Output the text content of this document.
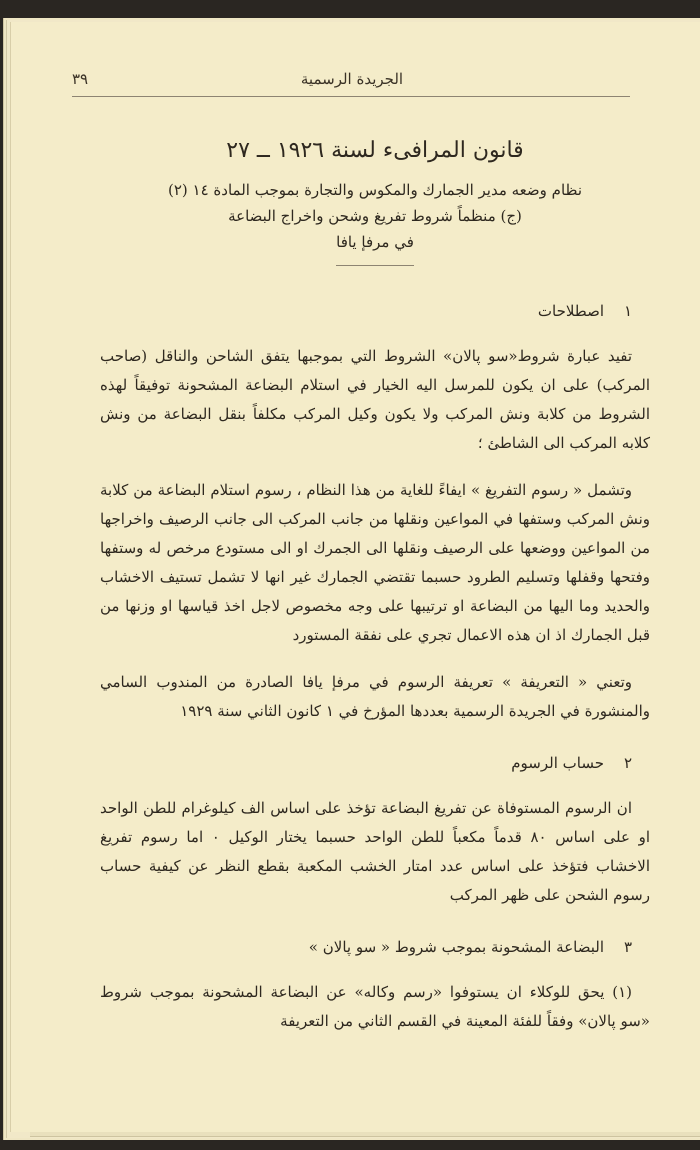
الجريدة الرسمية
٣٩
قانون المرافىء لسنة ١٩٢٦ ــ ٢٧
نظام وضعه مدير الجمارك والمكوس والتجارة بموجب المادة ١٤ (٢)
(ج) منظماً شروط تفريغ وشحن واخراج البضاعة
في مرفإ يافا
١اصطلاحات
تفيد عبارة شروط«سو پالان» الشروط التي بموجبها يتفق الشاحن والناقل (صاحب المركب) على ان يكون للمرسل اليه الخيار في استلام البضاعة المشحونة توفيقاً لهذه الشروط من كلابة ونش المركب ولا يكون وكيل المركب مكلفاً بنقل البضاعة من ونش كلابه المركب الى الشاطئ ؛
وتشمل « رسوم التفريغ » ايفاءً للغاية من هذا النظام ، رسوم استلام البضاعة من كلابة ونش المركب وستفها في المواعين ونقلها من جانب المركب الى جانب الرصيف واخراجها من المواعين ووضعها على الرصيف ونقلها الى الجمرك او الى مستودع مرخص له وستفها وفتحها وقفلها وتسليم الطرود حسبما تقتضي الجمارك غير انها لا تشمل تستيف الاخشاب والحديد وما اليها من البضاعة او ترتيبها على وجه مخصوص لاجل اخذ قياسها او وزنها من قبل الجمارك اذ ان هذه الاعمال تجري على نفقة المستورد
وتعني « التعريفة » تعريفة الرسوم في مرفإ يافا الصادرة من المندوب السامي والمنشورة في الجريدة الرسمية بعددها المؤرخ في ١ كانون الثاني سنة ١٩٢٩
٢حساب الرسوم
ان الرسوم المستوفاة عن تفريغ البضاعة تؤخذ على اساس الف كيلوغرام للطن الواحد او على اساس ٨٠ قدماً مكعباً للطن الواحد حسبما يختار الوكيل ٠ اما رسوم تفريغ الاخشاب فتؤخذ على اساس عدد امتار الخشب المكعبة بقطع النظر عن كيفية حساب رسوم الشحن على ظهر المركب
٣البضاعة المشحونة بموجب شروط « سو پالان »
(١) يحق للوكلاء ان يستوفوا «رسم وكاله» عن البضاعة المشحونة بموجب شروط «سو پالان» وفقاً للفئة المعينة في القسم الثاني من التعريفة
